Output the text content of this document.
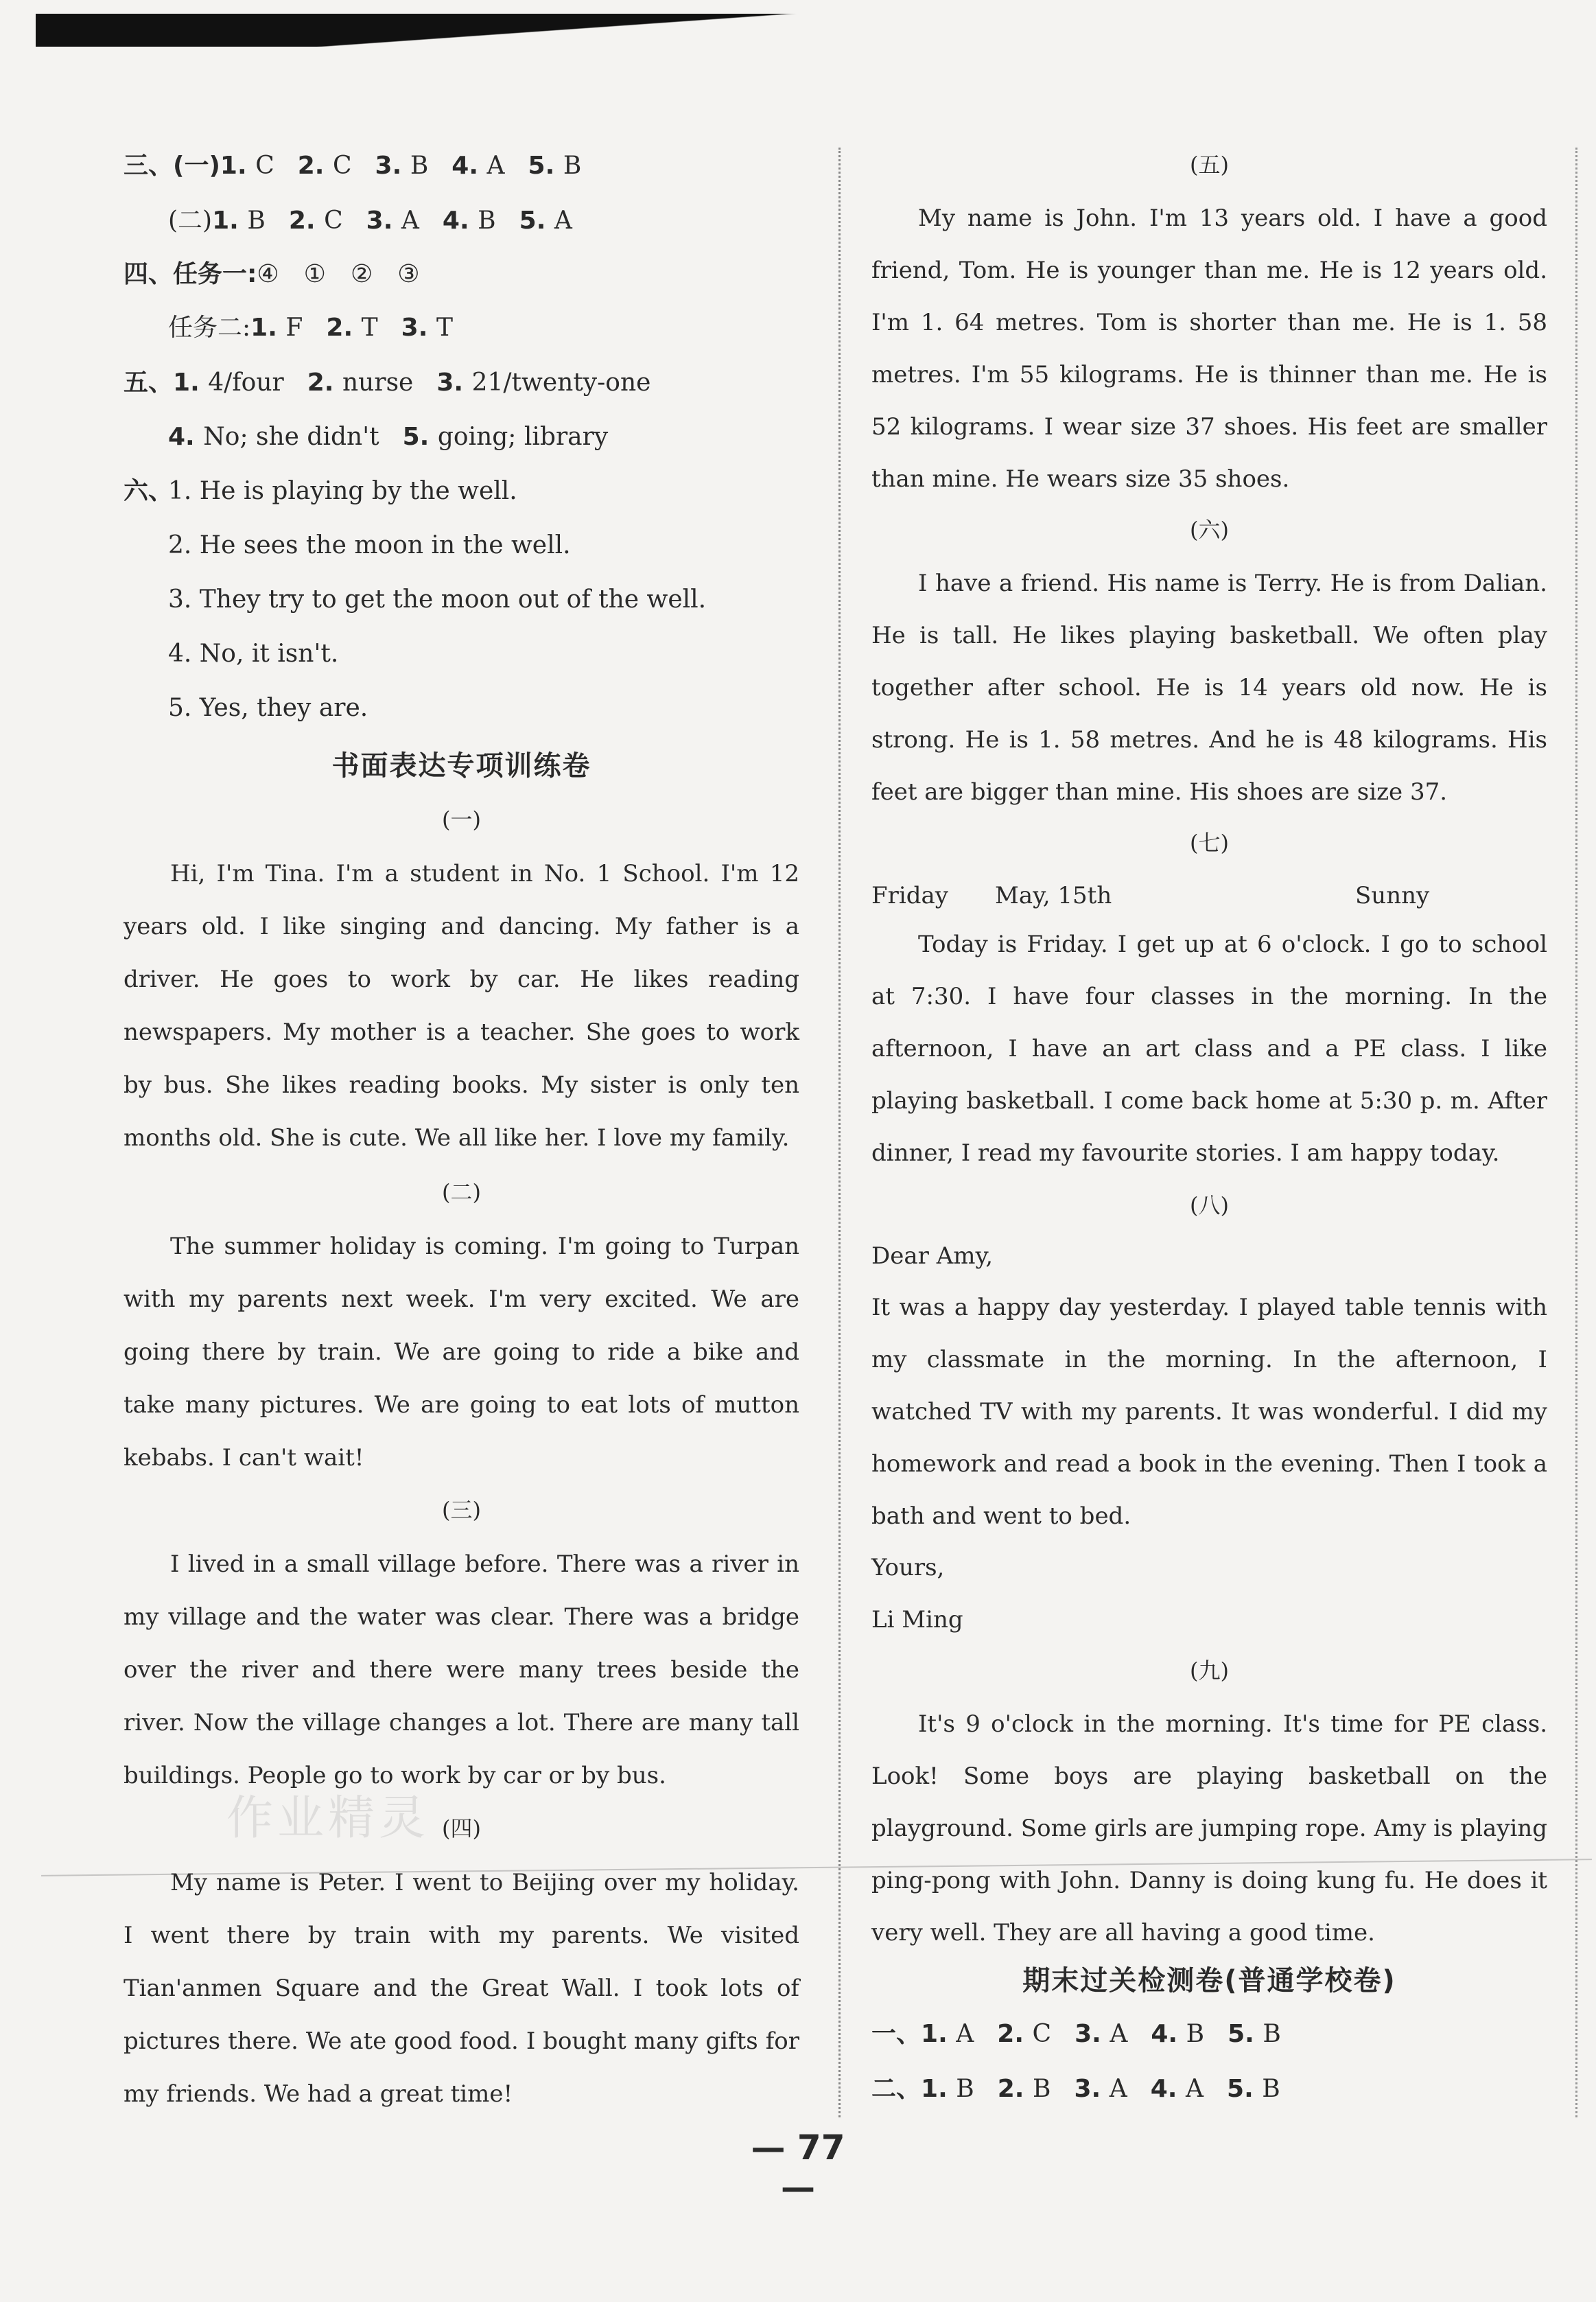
三、(一)1. C 2. C 3. B 4. A 5. B
(二)1. B 2. C 3. A 4. B 5. A
四、任务一:④　①　②　③
任务二:1. F 2. T 3. T
五、1. 4/four 2. nurse 3. 21/twenty-one
4. No; she didn't 5. going; library
六、
1. He is playing by the well.
2. He sees the moon in the well.
3. They try to get the moon out of the well.
4. No, it isn't.
5. Yes, they are.
书面表达专项训练卷
(一)
Hi, I'm Tina. I'm a student in No. 1 School. I'm 12 years old. I like singing and dancing. My father is a driver. He goes to work by car. He likes reading newspapers. My mother is a teacher. She goes to work by bus. She likes reading books. My sister is only ten months old. She is cute. We all like her. I love my family.
(二)
The summer holiday is coming. I'm going to Turpan with my parents next week. I'm very excited. We are going there by train. We are going to ride a bike and take many pictures. We are going to eat lots of mutton kebabs. I can't wait!
(三)
I lived in a small village before. There was a river in my village and the water was clear. There was a bridge over the river and there were many trees beside the river. Now the village changes a lot. There are many tall buildings. People go to work by car or by bus.
(四)
My name is Peter. I went to Beijing over my holiday. I went there by train with my parents. We visited Tian'anmen Square and the Great Wall. I took lots of pictures there. We ate good food. I bought many gifts for my friends. We had a great time!
作业精灵
(五)
My name is John. I'm 13 years old. I have a good friend, Tom. He is younger than me. He is 12 years old. I'm 1. 64 metres. Tom is shorter than me. He is 1. 58 metres. I'm 55 kilograms. He is thinner than me. He is 52 kilograms. I wear size 37 shoes. His feet are smaller than mine. He wears size 35 shoes.
(六)
I have a friend. His name is Terry. He is from Dalian. He is tall. He likes playing basketball. We often play together after school. He is 14 years old now. He is strong. He is 1. 58 metres. And he is 48 kilograms. His feet are bigger than mine. His shoes are size 37.
(七)
Friday May, 15th	Sunny
Today is Friday. I get up at 6 o'clock. I go to school at 7:30. I have four classes in the morning. In the afternoon, I have an art class and a PE class. I like playing basketball. I come back home at 5:30 p. m. After dinner, I read my favourite stories. I am happy today.
(八)
Dear Amy,
It was a happy day yesterday. I played table tennis with my classmate in the morning. In the afternoon, I watched TV with my parents. It was wonderful. I did my homework and read a book in the evening. Then I took a bath and went to bed.
Yours,
Li Ming
(九)
It's 9 o'clock in the morning. It's time for PE class. Look! Some boys are playing basketball on the playground. Some girls are jumping rope. Amy is playing ping-pong with John. Danny is doing kung fu. He does it very well. They are all having a good time.
期末过关检测卷(普通学校卷)
一、1. A 2. C 3. A 4. B 5. B
二、1. B 2. B 3. A 4. A 5. B
— 77 —
